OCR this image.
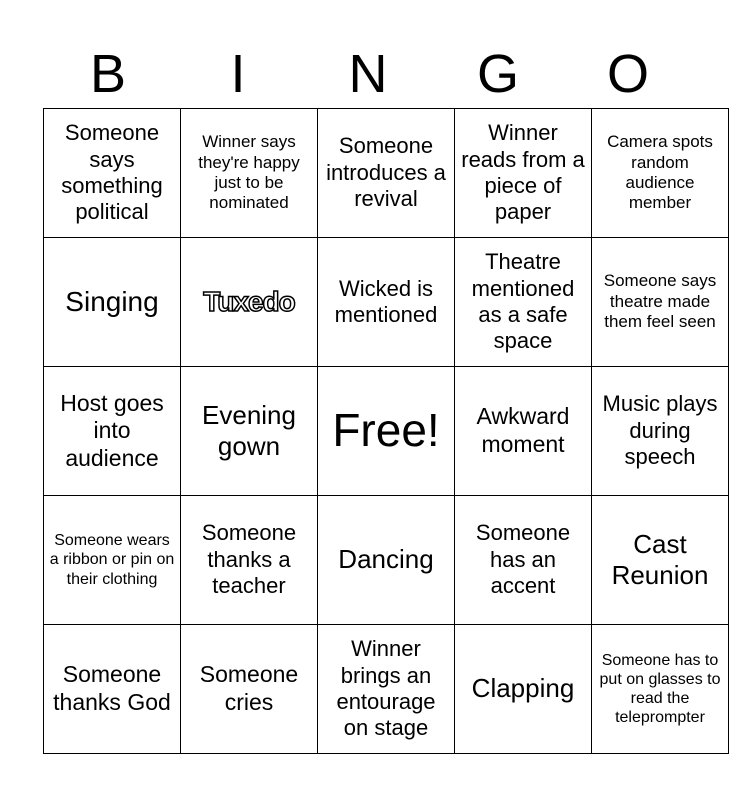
B	I	N	G	O
Someone says something political	Winner says they're happy just to be nominated	Someone introduces a revival	Winner reads from a piece of paper	Camera spots random audience member
Singing	Tuxedo	Wicked is mentioned	Theatre mentioned as a safe space	Someone says theatre made them feel seen
Host goes into audience	Evening gown	Free!	Awkward moment	Music plays during speech
Someone wears a ribbon or pin on their clothing	Someone thanks a teacher	Dancing	Someone has an accent	Cast Reunion
Someone thanks God	Someone cries	Winner brings an entourage on stage	Clapping	Someone has to put on glasses to read the teleprompter
